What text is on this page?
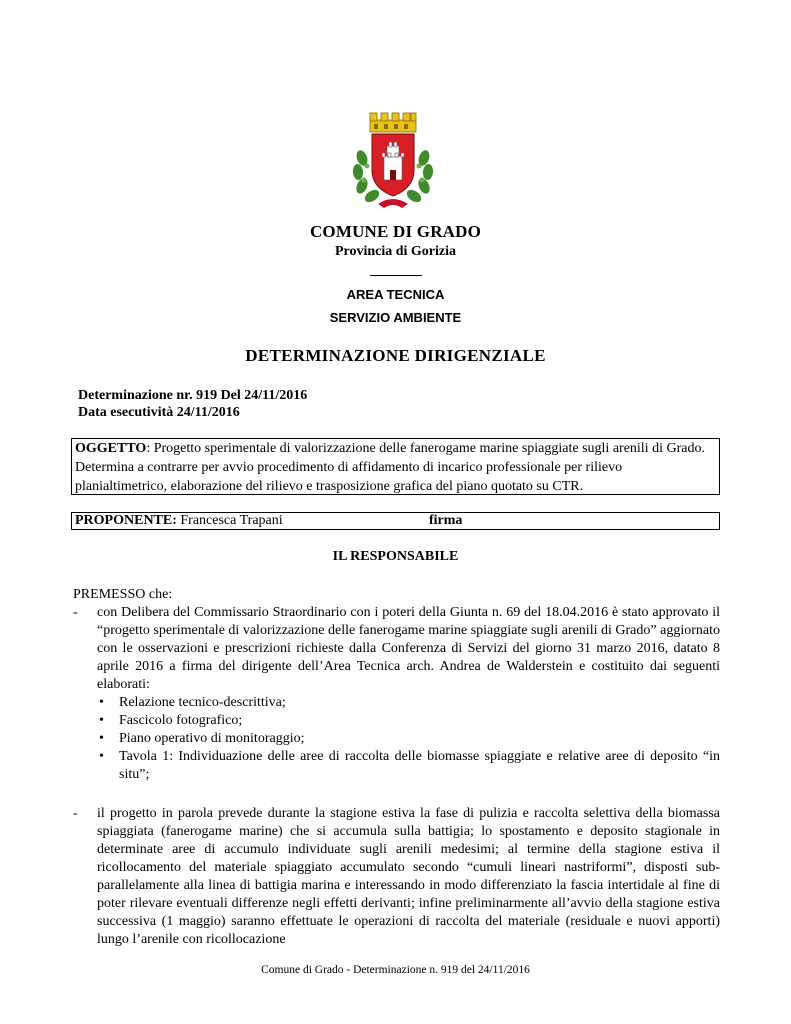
COMUNE DI GRADO
Provincia di Gorizia
AREA TECNICA
SERVIZIO AMBIENTE
DETERMINAZIONE DIRIGENZIALE
Determinazione nr. 919 Del 24/11/2016
Data esecutività 24/11/2016
OGGETTO: Progetto sperimentale di valorizzazione delle fanerogame marine spiaggiate sugli arenili di Grado. Determina a contrarre per avvio procedimento di affidamento di incarico professionale per rilievo planialtimetrico, elaborazione del rilievo e trasposizione grafica del piano quotato su CTR.
PROPONENTE: Francesca Trapani	firma
IL RESPONSABILE
PREMESSO che:
- con Delibera del Commissario Straordinario con i poteri della Giunta n. 69 del 18.04.2016 è stato approvato il “progetto sperimentale di valorizzazione delle fanerogame marine spiaggiate sugli arenili di Grado” aggiornato con le osservazioni e prescrizioni richieste dalla Conferenza di Servizi del giorno 31 marzo 2016, datato 8 aprile 2016 a firma del dirigente dell’Area Tecnica arch. Andrea de Walderstein e costituito dai seguenti elaborati:
• Relazione tecnico-descrittiva;
• Fascicolo fotografico;
• Piano operativo di monitoraggio;
• Tavola 1: Individuazione delle aree di raccolta delle biomasse spiaggiate e relative aree di deposito “in situ”;
- il progetto in parola prevede durante la stagione estiva la fase di pulizia e raccolta selettiva della biomassa spiaggiata (fanerogame marine) che si accumula sulla battigia; lo spostamento e deposito stagionale in determinate aree di accumulo individuate sugli arenili medesimi; al termine della stagione estiva il ricollocamento del materiale spiaggiato accumulato secondo “cumuli lineari nastriformi”, disposti sub-parallelamente alla linea di battigia marina e interessando in modo differenziato la fascia intertidale al fine di poter rilevare eventuali differenze negli effetti derivanti; infine preliminarmente all’avvio della stagione estiva successiva (1 maggio) saranno effettuate le operazioni di raccolta del materiale (residuale e nuovi apporti) lungo l’arenile con ricollocazione
Comune di Grado - Determinazione n. 919 del 24/11/2016
